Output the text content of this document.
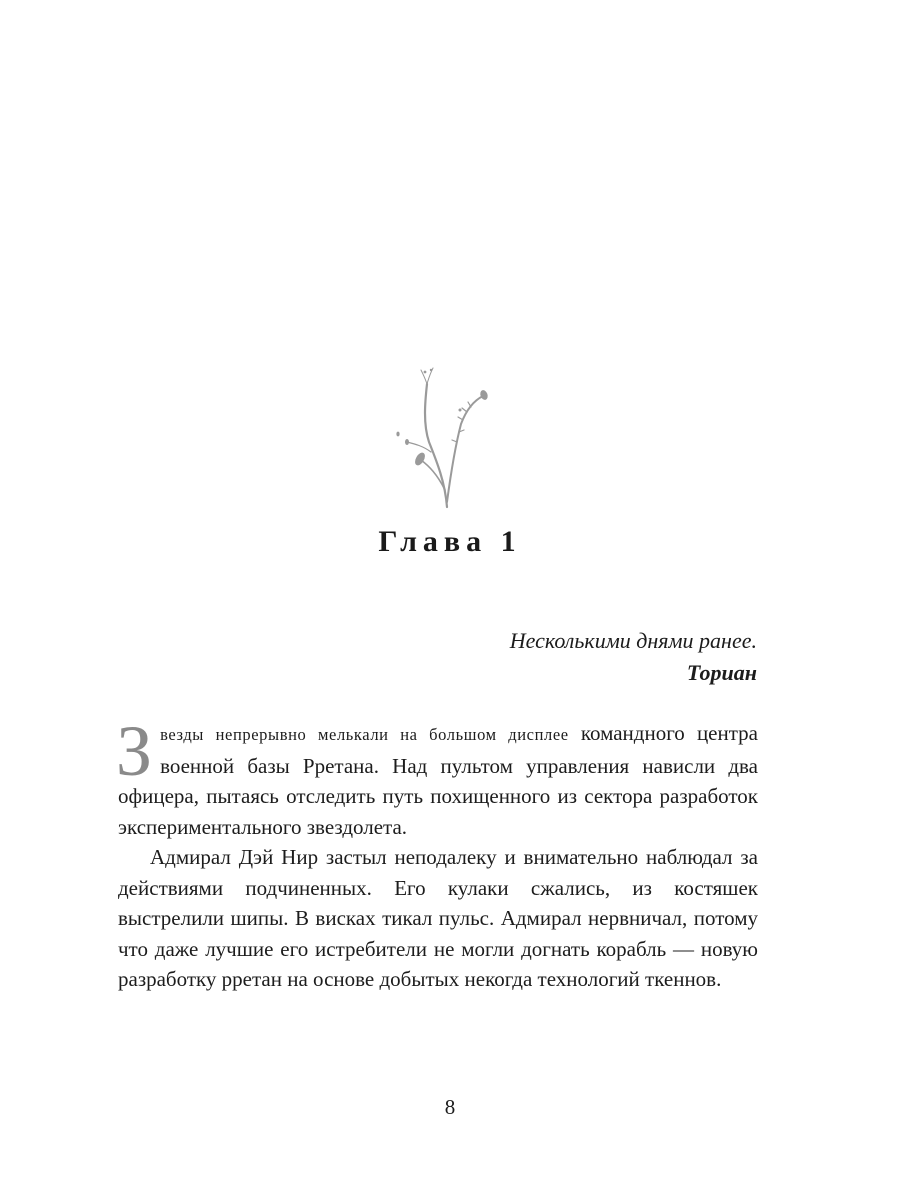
Глава 1
Несколькими днями ранее.
Ториан

Звезды непрерывно мелькали на большом дисплее командного центра военной базы Рретана. Над пультом управления нависли два офицера, пытаясь отследить путь похищенного из сектора разработок экспериментального звездолета.

Адмирал Дэй Нир застыл неподалеку и внимательно наблюдал за действиями подчиненных. Его кулаки сжались, из костяшек выстрелили шипы. В висках тикал пульс. Адмирал нервничал, потому что даже лучшие его истребители не могли догнать корабль — новую разработку рретан на основе добытых некогда технологий ткеннов.

8
